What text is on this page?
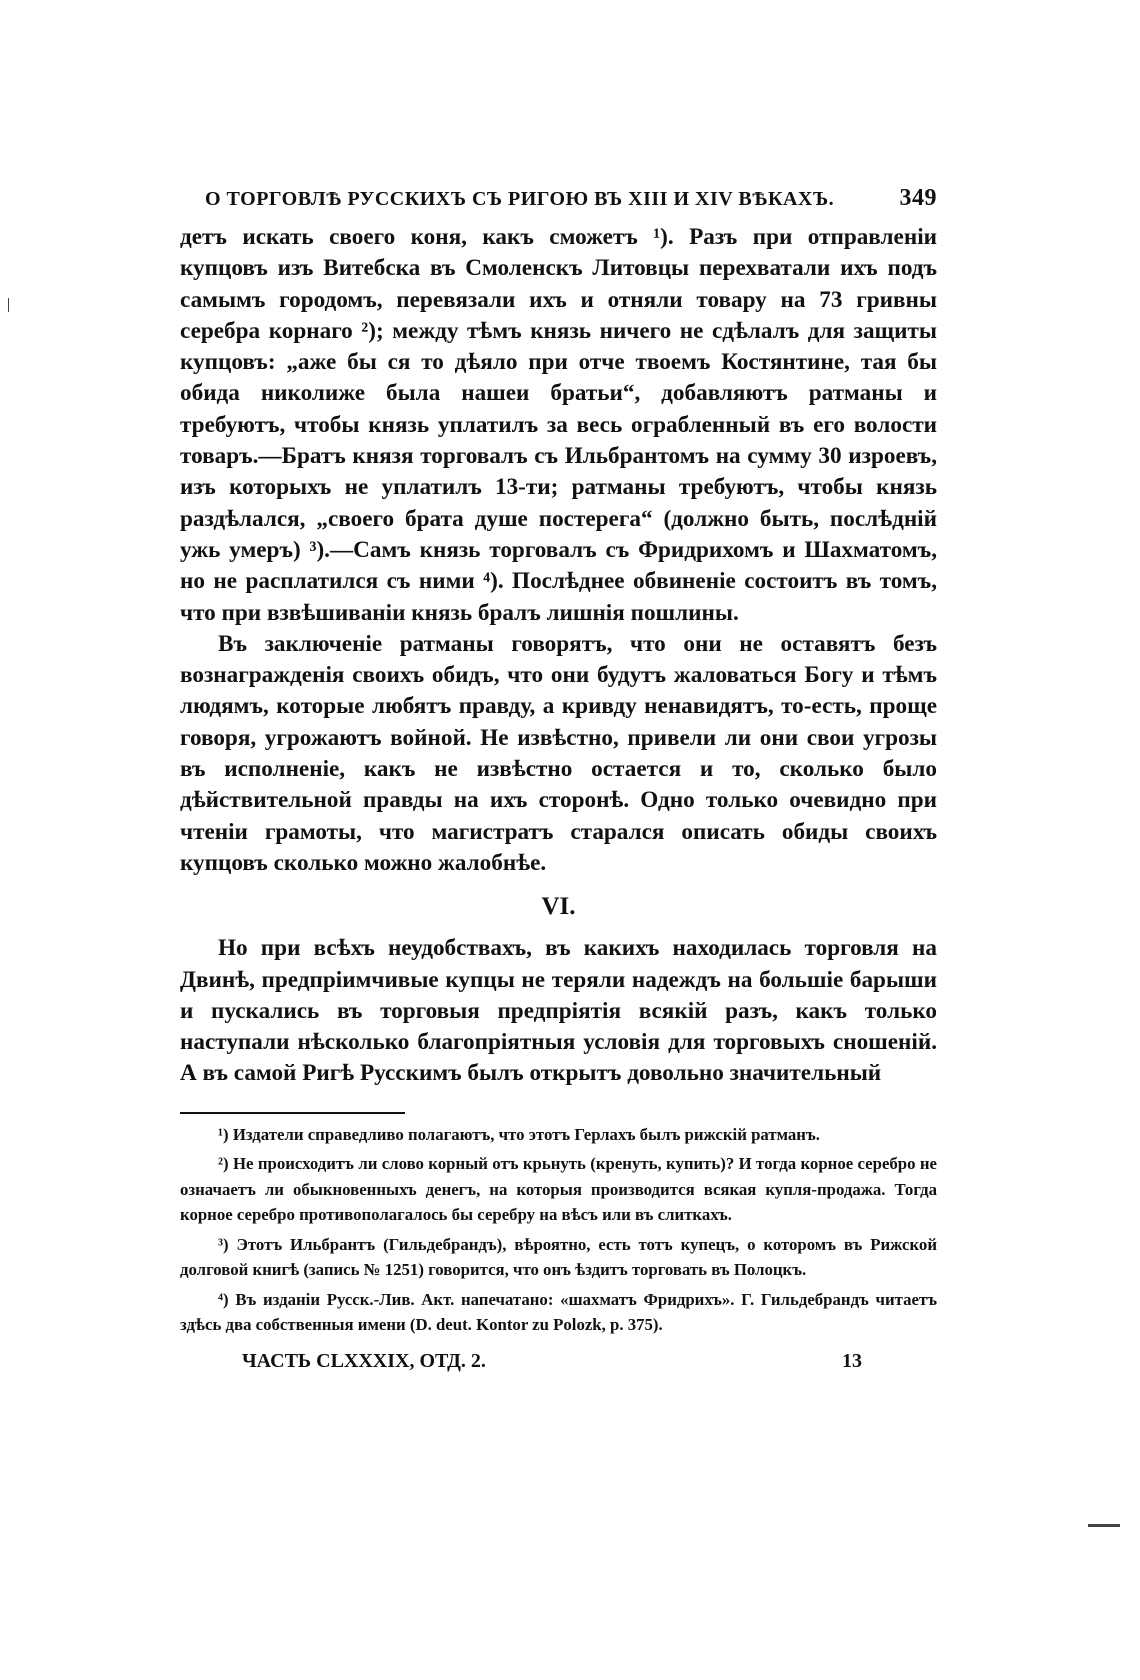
О ТОРГОВЛѢ РУССКИХЪ СЪ РИГОЮ ВЪ XIII И XIV ВѢКАХЪ.	349

детъ искать своего коня, какъ сможетъ ¹). Разъ при отправленіи купцовъ изъ Витебска въ Смоленскъ Литовцы перехватали ихъ подъ самымъ городомъ, перевязали ихъ и отняли товару на 73 гривны серебра корнаго ²); между тѣмъ князь ничего не сдѣлалъ для защиты купцовъ: „аже бы ся то дѣяло при отче твоемъ Костянтине, тая бы обида николиже была нашеи братьи“, добавляютъ ратманы и требуютъ, чтобы князь уплатилъ за весь ограбленный въ его волости товаръ.—Братъ князя торговалъ съ Ильбрантомъ на сумму 30 изроевъ, изъ которыхъ не уплатилъ 13-ти; ратманы требуютъ, чтобы князь раздѣлался, „своего брата душе постерега“ (должно быть, послѣдній ужь умеръ) ³).—Самъ князь торговалъ съ Фридрихомъ и Шахматомъ, но не расплатился съ ними ⁴). Послѣднее обвиненіе состоитъ въ томъ, что при взвѣшиваніи князь бралъ лишнія пошлины.

Въ заключеніе ратманы говорятъ, что они не оставятъ безъ вознагражденія своихъ обидъ, что они будутъ жаловаться Богу и тѣмъ людямъ, которые любятъ правду, а кривду ненавидятъ, то-есть, проще говоря, угрожаютъ войной. Не извѣстно, привели ли они свои угрозы въ исполненіе, какъ не извѣстно остается и то, сколько было дѣйствительной правды на ихъ сторонѣ. Одно только очевидно при чтеніи грамоты, что магистратъ старался описать обиды своихъ купцовъ сколько можно жалобнѣе.

VI.

Но при всѣхъ неудобствахъ, въ какихъ находилась торговля на Двинѣ, предпріимчивые купцы не теряли надеждъ на большіе барыши и пускались въ торговыя предпріятія всякій разъ, какъ только наступали нѣсколько благопріятныя условія для торговыхъ сношеній. А въ самой Ригѣ Русскимъ былъ открытъ довольно значительный

¹) Издатели справедливо полагаютъ, что этотъ Герлахъ былъ рижскій ратманъ.

²) Не происходитъ ли слово корный отъ крьнуть (кренуть, купить)? И тогда корное серебро не означаетъ ли обыкновенныхъ денегъ, на которыя производится всякая купля-продажа. Тогда корное серебро противополагалось бы серебру на вѣсъ или въ слиткахъ.

³) Этотъ Ильбрантъ (Гильдебрандъ), вѣроятно, есть тотъ купецъ, о которомъ въ Рижской долговой книгѣ (запись № 1251) говорится, что онъ ѣздитъ торговать въ Полоцкъ.

⁴) Въ изданіи Русск.-Лив. Акт. напечатано: «шахматъ Фридрихъ». Г. Гильдебрандъ читаетъ здѣсь два собственныя имени (D. deut. Kontor zu Polozk, p. 375).

ЧАСТЬ CLXXXIX, ОТД. 2.	13
